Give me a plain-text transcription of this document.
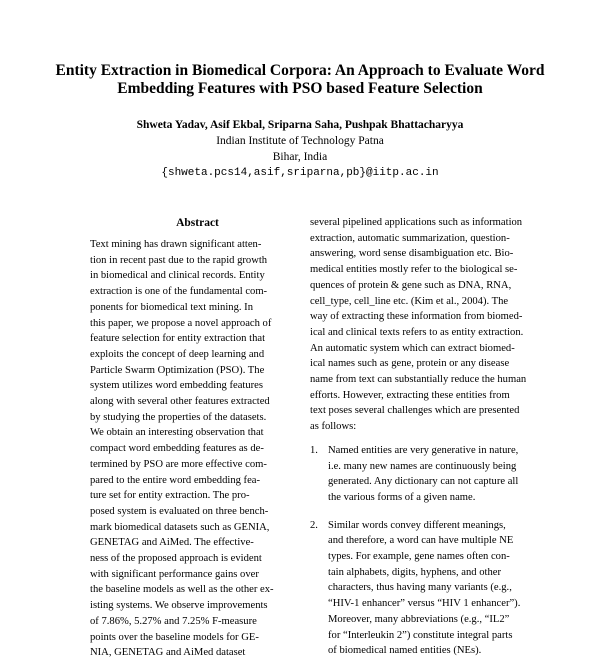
Entity Extraction in Biomedical Corpora: An Approach to Evaluate Word
Embedding Features with PSO based Feature Selection
Shweta Yadav, Asif Ekbal, Sriparna Saha, Pushpak Bhattacharyya
Indian Institute of Technology Patna
Bihar, India
{shweta.pcs14,asif,sriparna,pb}@iitp.ac.in
Abstract
Text mining has drawn significant atten-
tion in recent past due to the rapid growth
in biomedical and clinical records. Entity
extraction is one of the fundamental com-
ponents for biomedical text mining. In
this paper, we propose a novel approach of
feature selection for entity extraction that
exploits the concept of deep learning and
Particle Swarm Optimization (PSO). The
system utilizes word embedding features
along with several other features extracted
by studying the properties of the datasets.
We obtain an interesting observation that
compact word embedding features as de-
termined by PSO are more effective com-
pared to the entire word embedding fea-
ture set for entity extraction. The pro-
posed system is evaluated on three bench-
mark biomedical datasets such as GENIA,
GENETAG and AiMed. The effective-
ness of the proposed approach is evident
with significant performance gains over
the baseline models as well as the other ex-
isting systems. We observe improvements
of 7.86%, 5.27% and 7.25% F-measure
points over the baseline models for GE-
NIA, GENETAG and AiMed dataset
several pipelined applications such as information
extraction, automatic summarization, question-
answering, word sense disambiguation etc. Bio-
medical entities mostly refer to the biological se-
quences of protein & gene such as DNA, RNA,
cell_type, cell_line etc. (Kim et al., 2004). The
way of extracting these information from biomed-
ical and clinical texts refers to as entity extraction.
An automatic system which can extract biomed-
ical names such as gene, protein or any disease
name from text can substantially reduce the human
efforts. However, extracting these entities from
text poses several challenges which are presented
as follows:
1. Named entities are very generative in nature,
i.e. many new names are continuously being
generated. Any dictionary can not capture all
the various forms of a given name.
2. Similar words convey different meanings,
and therefore, a word can have multiple NE
types. For example, gene names often con-
tain alphabets, digits, hyphens, and other
characters, thus having many variants (e.g.,
“HIV-1 enhancer” versus “HIV 1 enhancer”).
Moreover, many abbreviations (e.g., “IL2”
for “Interleukin 2”) constitute integral parts
of biomedical named entities (NEs).
